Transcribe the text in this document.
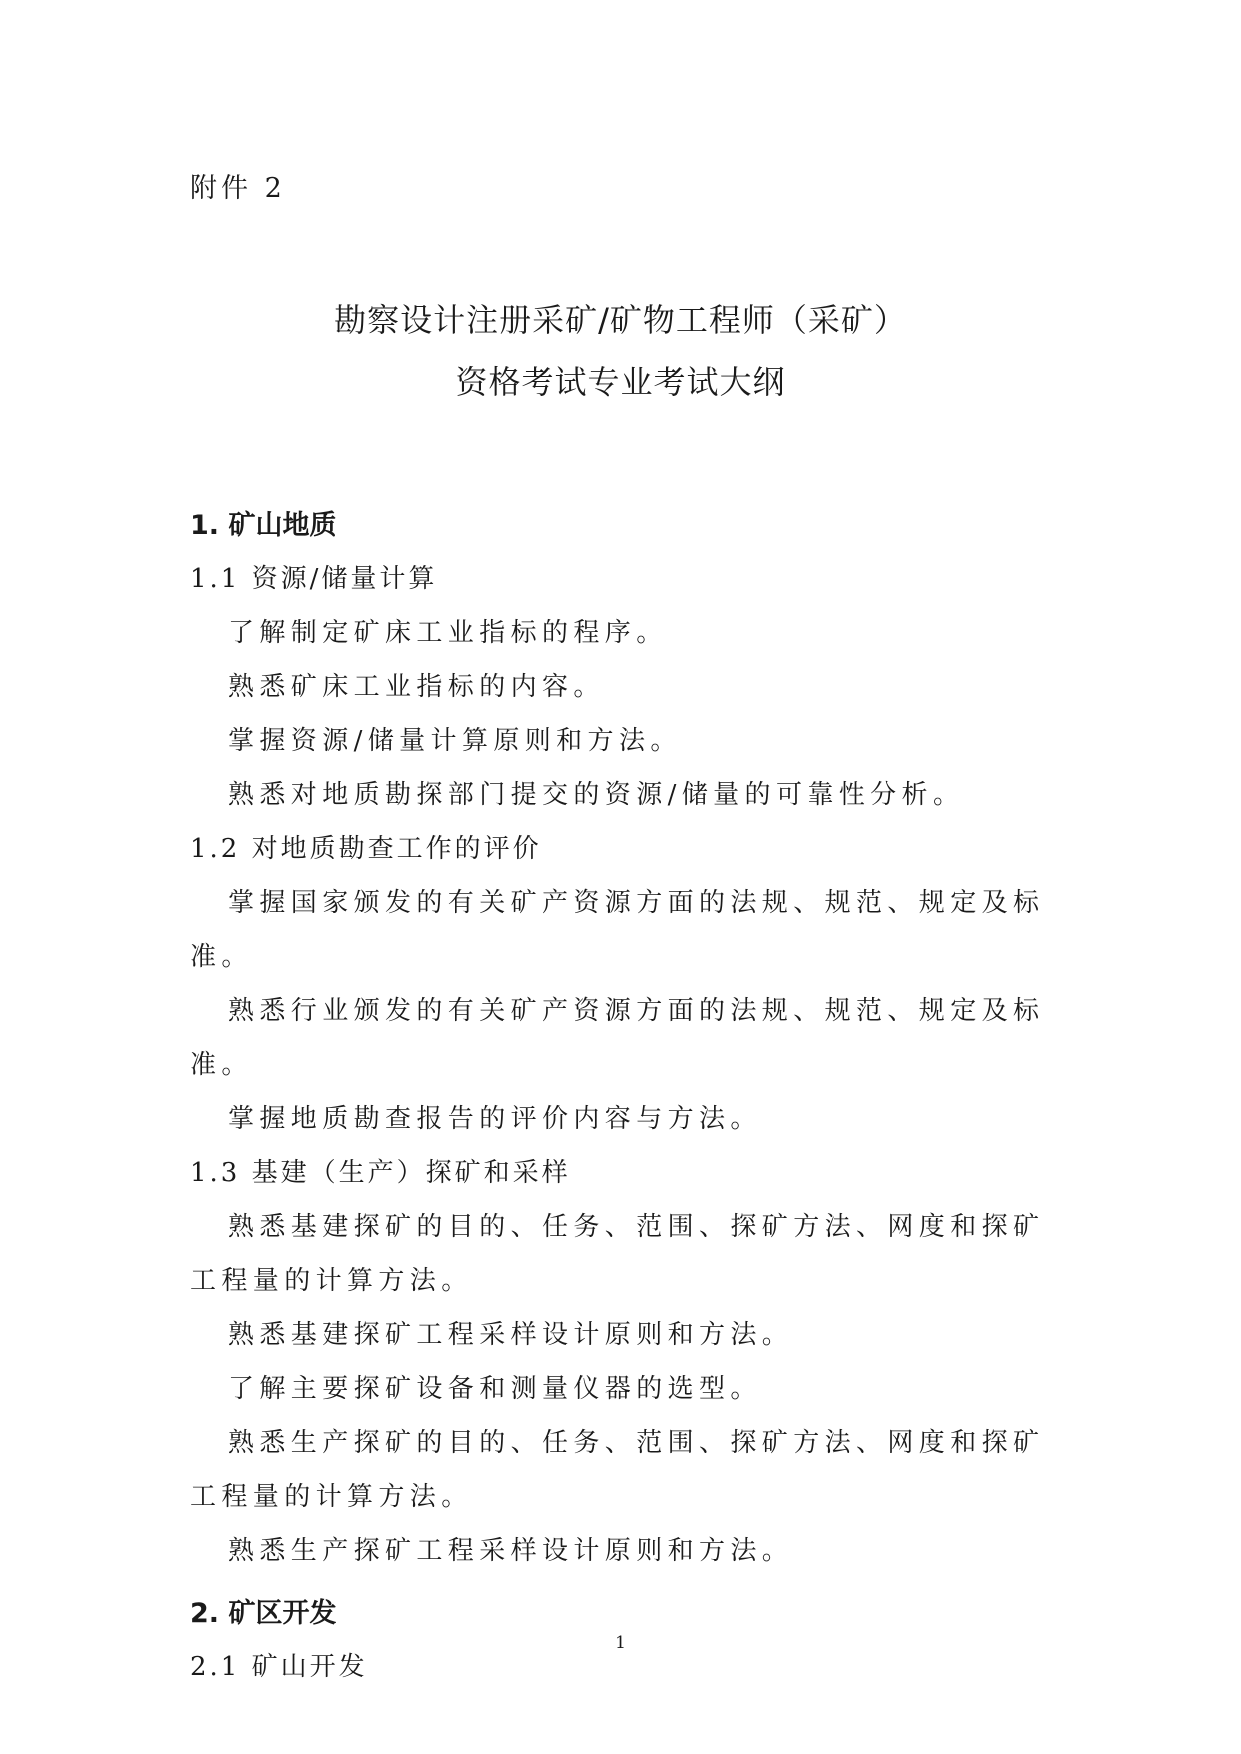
附件 2
勘察设计注册采矿/矿物工程师（采矿）
资格考试专业考试大纲
1. 矿山地质
1.1 资源/储量计算
了解制定矿床工业指标的程序。
熟悉矿床工业指标的内容。
掌握资源/储量计算原则和方法。
熟悉对地质勘探部门提交的资源/储量的可靠性分析。
1.2 对地质勘查工作的评价
掌握国家颁发的有关矿产资源方面的法规、规范、规定及标准。
熟悉行业颁发的有关矿产资源方面的法规、规范、规定及标准。
掌握地质勘查报告的评价内容与方法。
1.3 基建（生产）探矿和采样
熟悉基建探矿的目的、任务、范围、探矿方法、网度和探矿工程量的计算方法。
熟悉基建探矿工程采样设计原则和方法。
了解主要探矿设备和测量仪器的选型。
熟悉生产探矿的目的、任务、范围、探矿方法、网度和探矿工程量的计算方法。
熟悉生产探矿工程采样设计原则和方法。
2. 矿区开发
2.1 矿山开发
1
